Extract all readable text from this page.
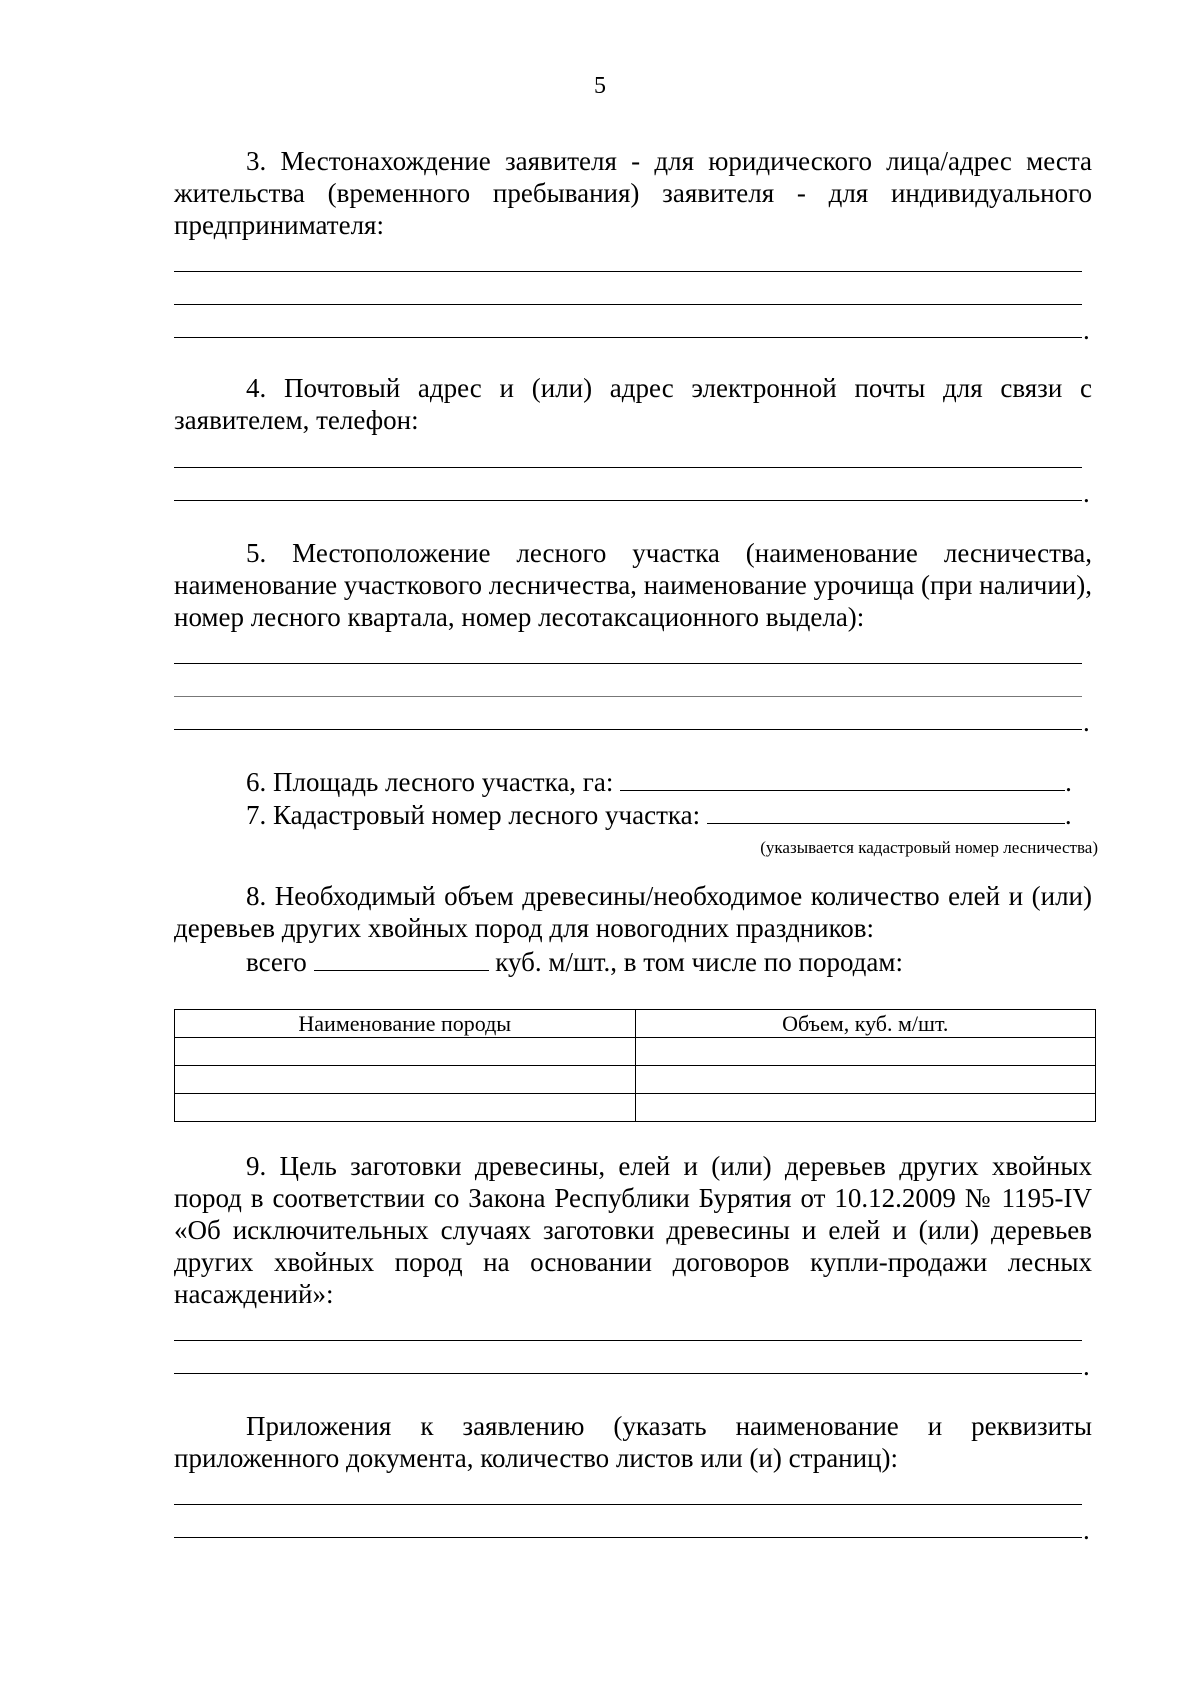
5
3. Местонахождение заявителя - для юридического лица/адрес места жительства (временного пребывания) заявителя - для индивидуального предпринимателя:
.
4. Почтовый адрес и (или) адрес электронной почты для связи с заявителем, телефон:
.
5. Местоположение лесного участка (наименование лесничества, наименование участкового лесничества, наименование урочища (при наличии), номер лесного квартала, номер лесотаксационного выдела):
.
6. Площадь лесного участка, га:	.
7. Кадастровый номер лесного участка:	.
(указывается кадастровый номер лесничества)
8. Необходимый объем древесины/необходимое количество елей и (или) деревьев других хвойных пород для новогодних праздников:
всего	куб. м/шт., в том числе по породам:
Наименование породы	Объем, куб. м/шт.

9. Цель заготовки древесины, елей и (или) деревьев других хвойных пород в соответствии со Закона Республики Бурятия от 10.12.2009 № 1195-IV «Об исключительных случаях заготовки древесины и елей и (или) деревьев других хвойных пород на основании договоров купли-продажи лесных насаждений»:
.
Приложения к заявлению (указать наименование и реквизиты приложенного документа, количество листов или (и) страниц):
.
